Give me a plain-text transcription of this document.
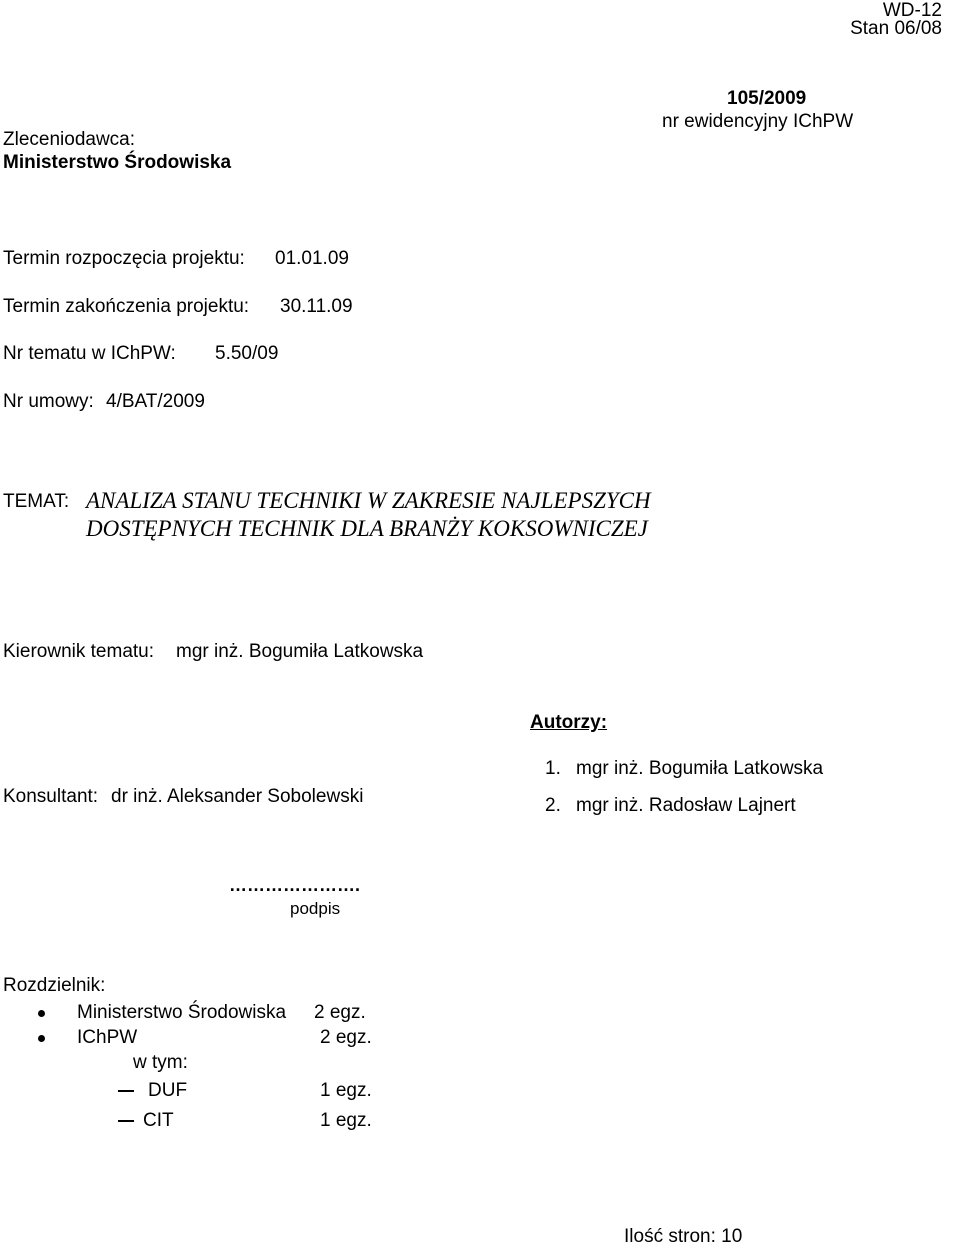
WD-12
Stan 06/08
105/2009
nr ewidencyjny IChPW
Zleceniodawca:
Ministerstwo Środowiska
Termin rozpoczęcia projektu: 01.01.09
Termin zakończenia projektu: 30.11.09
Nr tematu w IChPW: 5.50/09
Nr umowy: 4/BAT/2009
TEMAT: ANALIZA STANU TECHNIKI W ZAKRESIE NAJLEPSZYCH
DOSTĘPNYCH TECHNIK DLA BRANŻY KOKSOWNICZEJ
Kierownik tematu: mgr inż. Bogumiła Latkowska
Autorzy:
1. mgr inż. Bogumiła Latkowska
2. mgr inż. Radosław Lajnert
Konsultant: dr inż. Aleksander Sobolewski
………………….
podpis
Rozdzielnik:
Ministerstwo Środowiska 2 egz.
IChPW	2 egz.
w tym:
DUF	1 egz.
CIT	1 egz.
Ilość stron: 10
